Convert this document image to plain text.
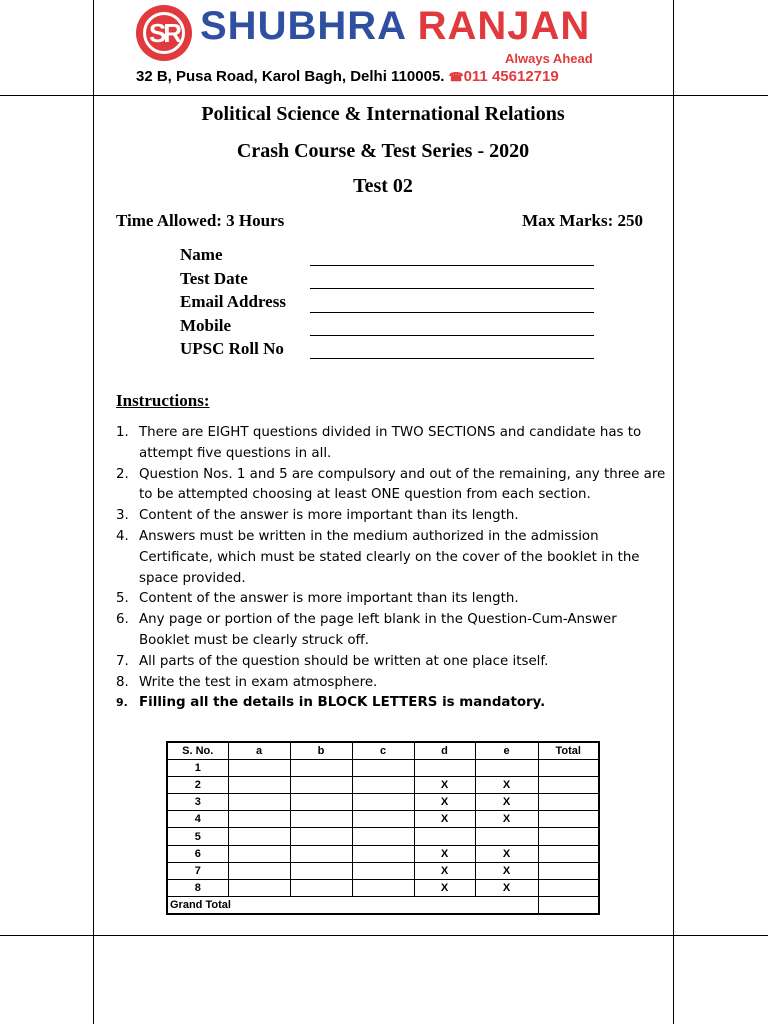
SR SHUBHRA RANJAN
Always Ahead
32 B, Pusa Road, Karol Bagh, Delhi 110005. ☎011 45612719
Political Science & International Relations
Crash Course & Test Series - 2020
Test 02
Time Allowed: 3 Hours	Max Marks: 250
Name
Test Date
Email Address
Mobile
UPSC Roll No
Instructions:
1. There are EIGHT questions divided in TWO SECTIONS and candidate has to attempt five questions in all.
2. Question Nos. 1 and 5 are compulsory and out of the remaining, any three are to be attempted choosing at least ONE question from each section.
3. Content of the answer is more important than its length.
4. Answers must be written in the medium authorized in the admission Certificate, which must be stated clearly on the cover of the booklet in the space provided.
5. Content of the answer is more important than its length.
6. Any page or portion of the page left blank in the Question-Cum-Answer Booklet must be clearly struck off.
7. All parts of the question should be written at one place itself.
8. Write the test in exam atmosphere.
9. Filling all the details in BLOCK LETTERS is mandatory.
S. No.	a	b	c	d	e	Total
1						
2				X	X	
3				X	X	
4				X	X	
5						
6				X	X	
7				X	X	
8				X	X	
Grand Total						
